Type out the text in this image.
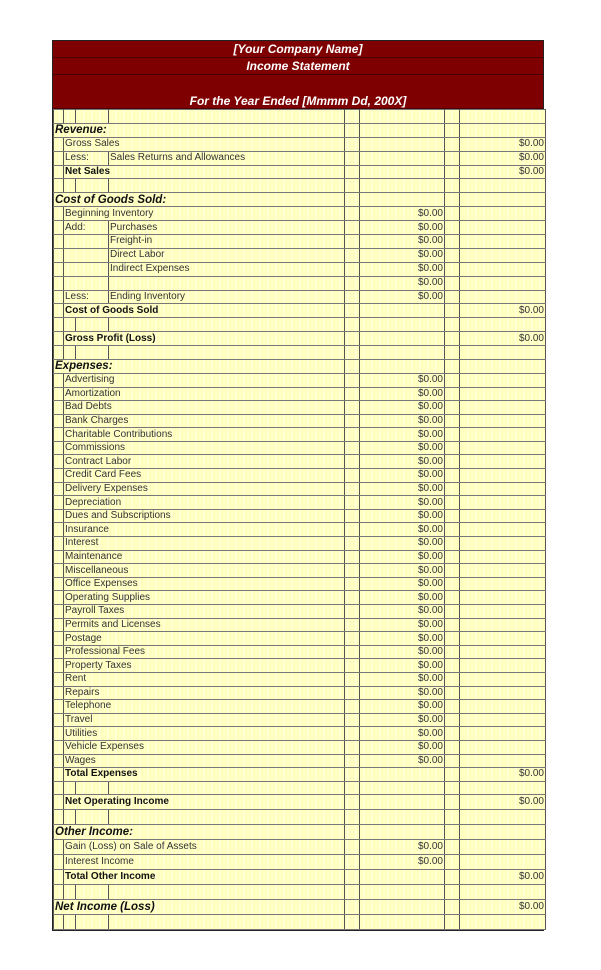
[Your Company Name]
Income Statement
For the Year Ended [Mmmm Dd, 200X]

Revenue:							
	Gross Sales						$0.00
	Less:		Sales Returns and Allowances				$0.00
	Net Sales						$0.00

Cost of Goods Sold:							
	Beginning Inventory				$0.00		
	Add:		Purchases		$0.00		
			Freight-in		$0.00		
			Direct Labor		$0.00		
			Indirect Expenses		$0.00		
					$0.00		
	Less:		Ending Inventory		$0.00		
	Cost of Goods Sold						$0.00

	Gross Profit (Loss)						$0.00

Expenses:							
	Advertising				$0.00		
	Amortization				$0.00		
	Bad Debts				$0.00		
	Bank Charges				$0.00		
	Charitable Contributions				$0.00		
	Commissions				$0.00		
	Contract Labor				$0.00		
	Credit Card Fees				$0.00		
	Delivery Expenses				$0.00		
	Depreciation				$0.00		
	Dues and Subscriptions				$0.00		
	Insurance				$0.00		
	Interest				$0.00		
	Maintenance				$0.00		
	Miscellaneous				$0.00		
	Office Expenses				$0.00		
	Operating Supplies				$0.00		
	Payroll Taxes				$0.00		
	Permits and Licenses				$0.00		
	Postage				$0.00		
	Professional Fees				$0.00		
	Property Taxes				$0.00		
	Rent				$0.00		
	Repairs				$0.00		
	Telephone				$0.00		
	Travel				$0.00		
	Utilities				$0.00		
	Vehicle Expenses				$0.00		
	Wages				$0.00		
	Total Expenses						$0.00

	Net Operating Income						$0.00

Other Income:							
	Gain (Loss) on Sale of Assets				$0.00		
	Interest Income				$0.00		
	Total Other Income						$0.00

Net Income (Loss)							$0.00
